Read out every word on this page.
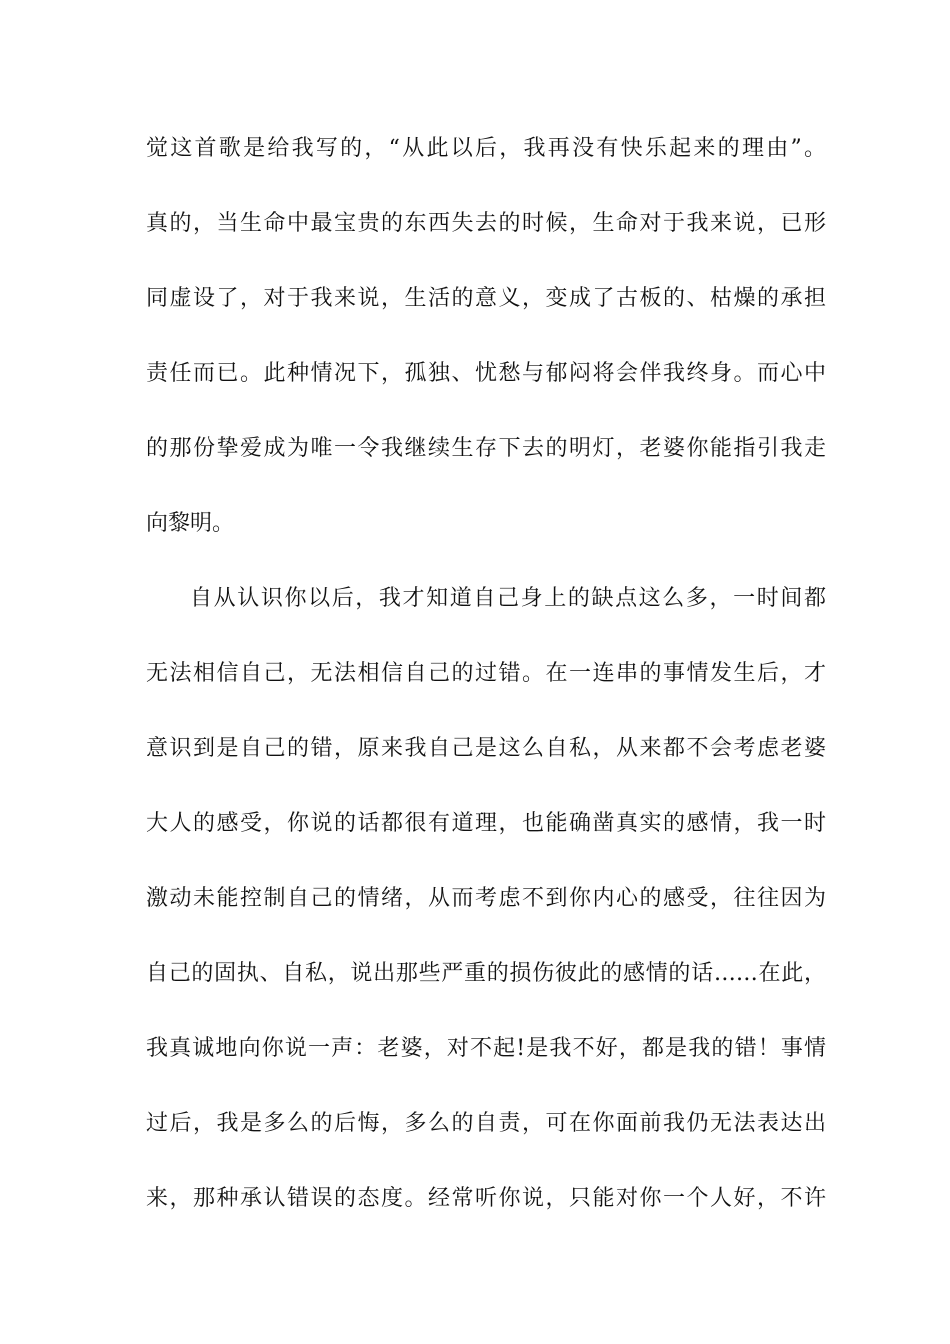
觉这首歌是给我写的，“从此以后，我再没有快乐起来的理由”。
真的，当生命中最宝贵的东西失去的时候，生命对于我来说，已形
同虚设了，对于我来说，生活的意义，变成了古板的、枯燥的承担
责任而已。此种情况下，孤独、忧愁与郁闷将会伴我终身。而心中
的那份挚爱成为唯一令我继续生存下去的明灯，老婆你能指引我走
向黎明。
自从认识你以后，我才知道自己身上的缺点这么多，一时间都
无法相信自己，无法相信自己的过错。在一连串的事情发生后，才
意识到是自己的错，原来我自己是这么自私，从来都不会考虑老婆
大人的感受，你说的话都很有道理，也能确凿真实的感情，我一时
激动未能控制自己的情绪，从而考虑不到你内心的感受，往往因为
自己的固执、自私，说出那些严重的损伤彼此的感情的话……在此，
我真诚地向你说一声：老婆，对不起!是我不好，都是我的错！事情
过后，我是多么的后悔，多么的自责，可在你面前我仍无法表达出
来，那种承认错误的态度。经常听你说，只能对你一个人好，不许
